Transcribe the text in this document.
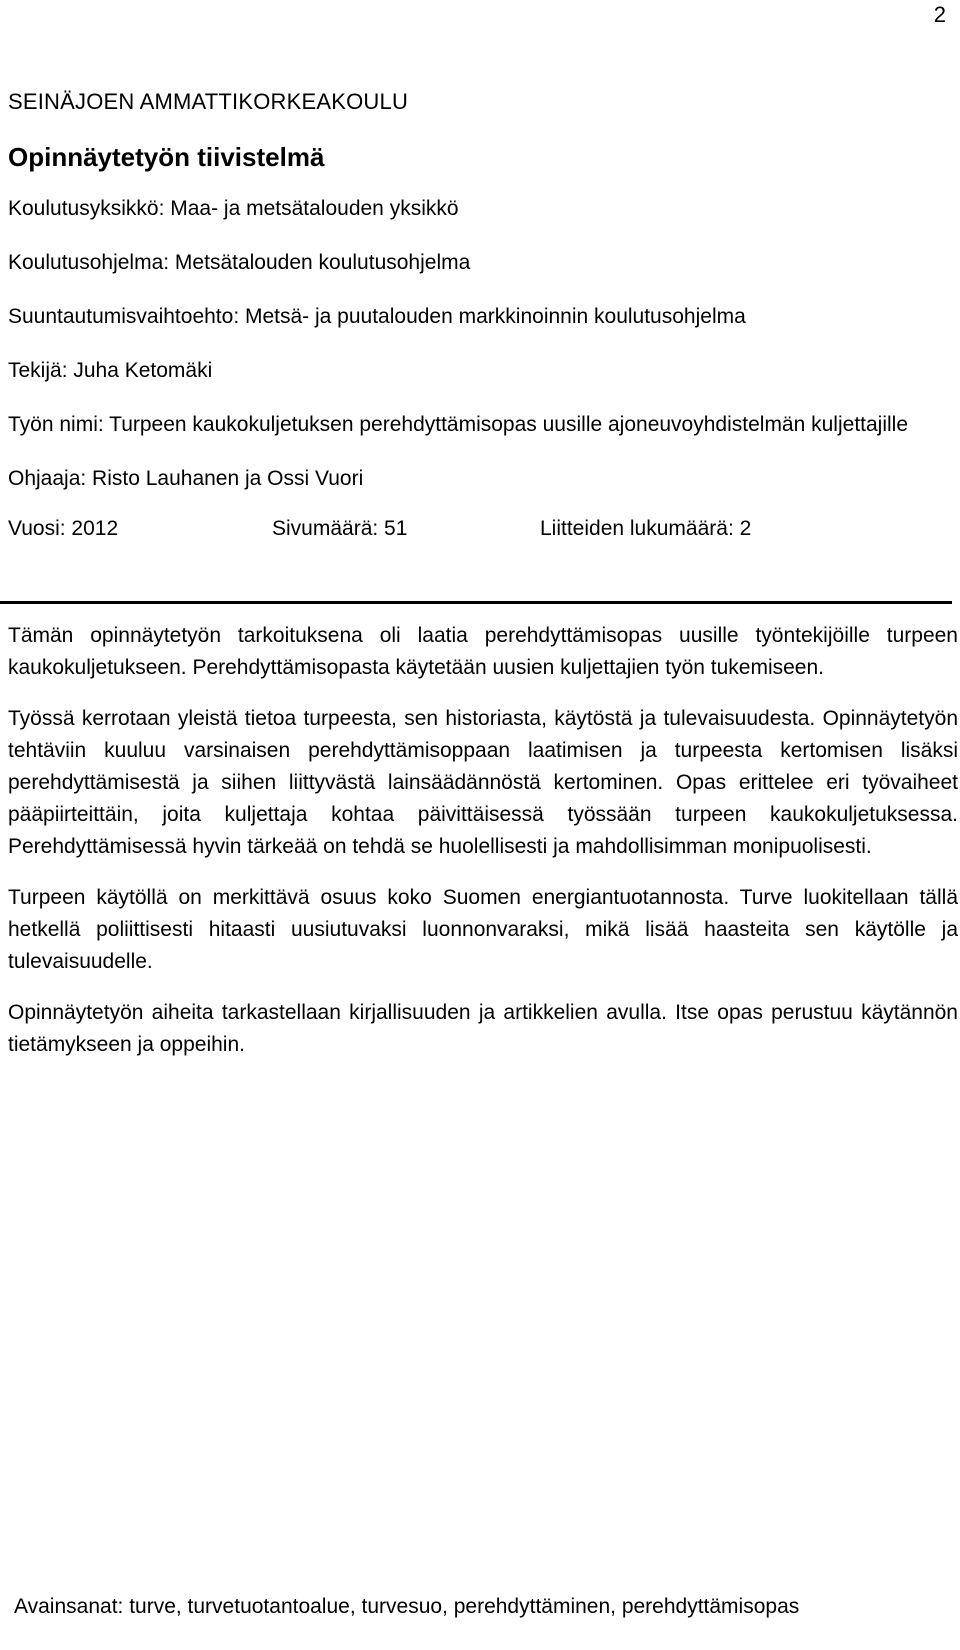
2

SEINÄJOEN AMMATTIKORKEAKOULU

Opinnäytetyön tiivistelmä

Koulutusyksikkö: Maa- ja metsätalouden yksikkö

Koulutusohjelma: Metsätalouden koulutusohjelma

Suuntautumisvaihtoehto: Metsä- ja puutalouden markkinoinnin koulutusohjelma

Tekijä: Juha Ketomäki

Työn nimi: Turpeen kaukokuljetuksen perehdyttämisopas uusille ajoneuvoyhdistelmän kuljettajille

Ohjaaja: Risto Lauhanen ja Ossi Vuori

Vuosi: 2012	Sivumäärä: 51	Liitteiden lukumäärä: 2

Tämän opinnäytetyön tarkoituksena oli laatia perehdyttämisopas uusille työntekijöille turpeen kaukokuljetukseen. Perehdyttämisopasta käytetään uusien kuljettajien työn tukemiseen.

Työssä kerrotaan yleistä tietoa turpeesta, sen historiasta, käytöstä ja tulevaisuudesta. Opinnäytetyön tehtäviin kuuluu varsinaisen perehdyttämisoppaan laatimisen ja turpeesta kertomisen lisäksi perehdyttämisestä ja siihen liittyvästä lainsäädännöstä kertominen. Opas erittelee eri työvaiheet pääpiirteittäin, joita kuljettaja kohtaa päivittäisessä työssään turpeen kaukokuljetuksessa. Perehdyttämisessä hyvin tärkeää on tehdä se huolellisesti ja mahdollisimman monipuolisesti.

Turpeen käytöllä on merkittävä osuus koko Suomen energiantuotannosta. Turve luokitellaan tällä hetkellä poliittisesti hitaasti uusiutuvaksi luonnonvaraksi, mikä lisää haasteita sen käytölle ja tulevaisuudelle.

Opinnäytetyön aiheita tarkastellaan kirjallisuuden ja artikkelien avulla. Itse opas perustuu käytännön tietämykseen ja oppeihin.

Avainsanat: turve, turvetuotantoalue, turvesuo, perehdyttäminen, perehdyttämisopas
